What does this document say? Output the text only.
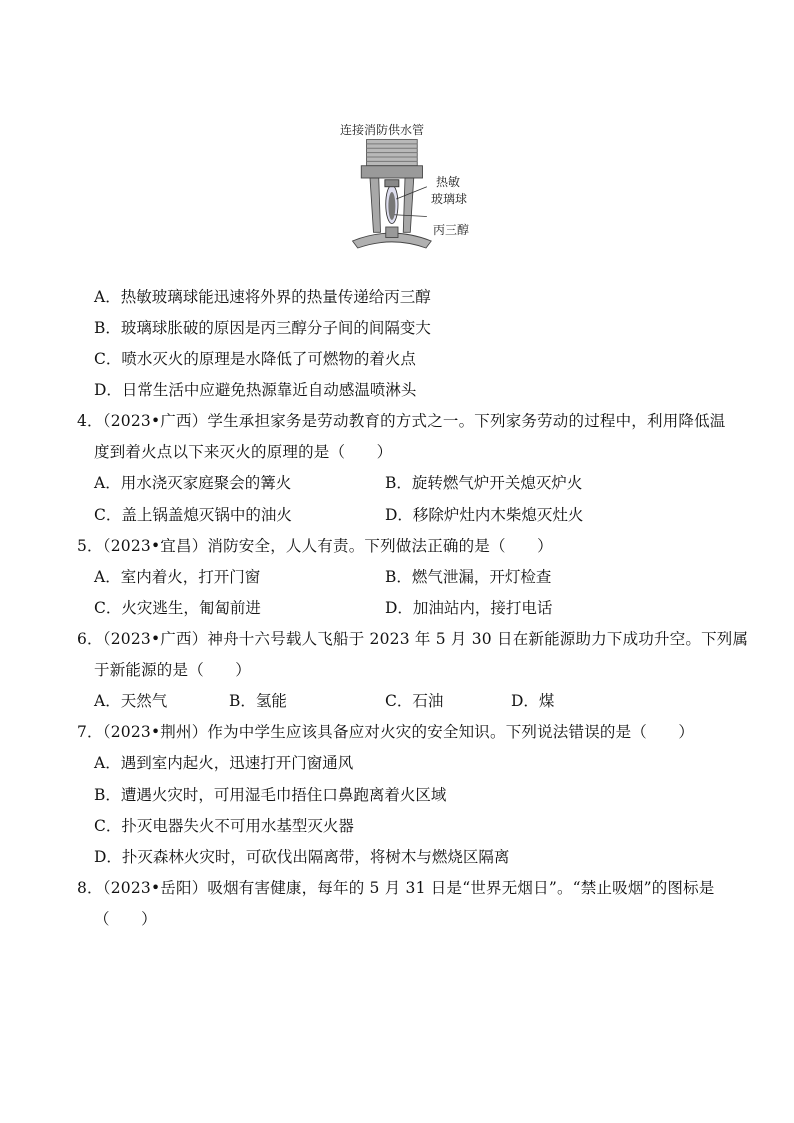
连接消防供水管
热敏
玻璃球
丙三醇
A．热敏玻璃球能迅速将外界的热量传递给丙三醇
B．玻璃球胀破的原因是丙三醇分子间的间隔变大
C．喷水灭火的原理是水降低了可燃物的着火点
D．日常生活中应避免热源靠近自动感温喷淋头
4．（2023•广西）学生承担家务是劳动教育的方式之一。下列家务劳动的过程中，利用降低温
度到着火点以下来灭火的原理的是（　　）
A．用水浇灭家庭聚会的篝火	B．旋转燃气炉开关熄灭炉火
C．盖上锅盖熄灭锅中的油火	D．移除炉灶内木柴熄灭灶火
5．（2023•宜昌）消防安全，人人有责。下列做法正确的是（　　）
A．室内着火，打开门窗	B．燃气泄漏，开灯检查
C．火灾逃生，匍匐前进	D．加油站内，接打电话
6．（2023•广西）神舟十六号载人飞船于 2023 年 5 月 30 日在新能源助力下成功升空。下列属
于新能源的是（　　）
A．天然气	B．氢能	C．石油	D．煤
7．（2023•荆州）作为中学生应该具备应对火灾的安全知识。下列说法错误的是（　　）
A．遇到室内起火，迅速打开门窗通风
B．遭遇火灾时，可用湿毛巾捂住口鼻跑离着火区域
C．扑灭电器失火不可用水基型灭火器
D．扑灭森林火灾时，可砍伐出隔离带，将树木与燃烧区隔离
8．（2023•岳阳）吸烟有害健康，每年的 5 月 31 日是“世界无烟日”。“禁止吸烟”的图标是
（　　）
